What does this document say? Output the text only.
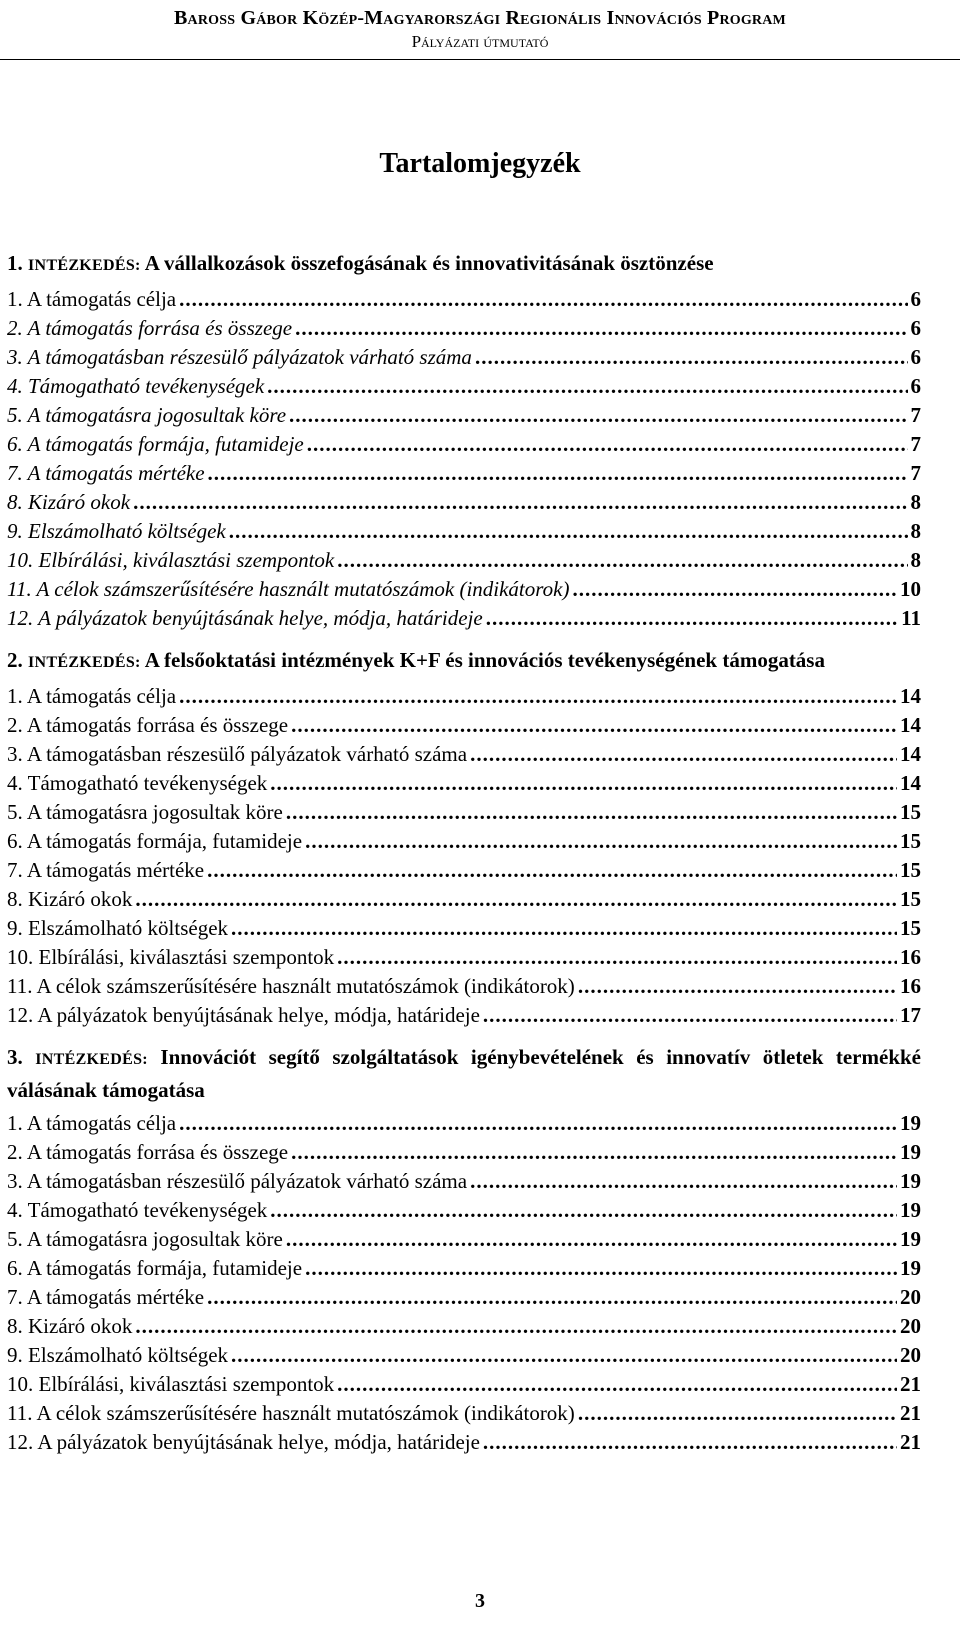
Baross Gábor Közép-Magyarországi Regionális Innovációs Program
Pályázati útmutató
Tartalomjegyzék
1. INTÉZKEDÉS: A vállalkozások összefogásának és innovativitásának ösztönzése
1. A támogatás célja .....	6
2. A támogatás forrása és összege .....	6
3. A támogatásban részesülő pályázatok várható száma .....	6
4. Támogatható tevékenységek .....	6
5. A támogatásra jogosultak köre .....	7
6. A támogatás formája, futamideje .....	7
7. A támogatás mértéke .....	7
8. Kizáró okok .....	8
9. Elszámolható költségek .....	8
10. Elbírálási, kiválasztási szempontok .....	8
11. A célok számszerűsítésére használt mutatószámok (indikátorok) .....	10
12. A pályázatok benyújtásának helye, módja, határideje .....	11
2. INTÉZKEDÉS: A felsőoktatási intézmények K+F és innovációs tevékenységének támogatása
1. A támogatás célja .....	14
2. A támogatás forrása és összege .....	14
3. A támogatásban részesülő pályázatok várható száma .....	14
4. Támogatható tevékenységek .....	14
5. A támogatásra jogosultak köre .....	15
6. A támogatás formája, futamideje .....	15
7. A támogatás mértéke .....	15
8. Kizáró okok .....	15
9. Elszámolható költségek .....	15
10. Elbírálási, kiválasztási szempontok .....	16
11. A célok számszerűsítésére használt mutatószámok (indikátorok) .....	16
12. A pályázatok benyújtásának helye, módja, határideje .....	17
3. INTÉZKEDÉS: Innovációt segítő szolgáltatások igénybevételének és innovatív ötletek termékké válásának támogatása
1. A támogatás célja .....	19
2. A támogatás forrása és összege .....	19
3. A támogatásban részesülő pályázatok várható száma .....	19
4. Támogatható tevékenységek .....	19
5. A támogatásra jogosultak köre .....	19
6. A támogatás formája, futamideje .....	19
7. A támogatás mértéke .....	20
8. Kizáró okok .....	20
9. Elszámolható költségek .....	20
10. Elbírálási, kiválasztási szempontok .....	21
11. A célok számszerűsítésére használt mutatószámok (indikátorok) .....	21
12. A pályázatok benyújtásának helye, módja, határideje .....	21
3
